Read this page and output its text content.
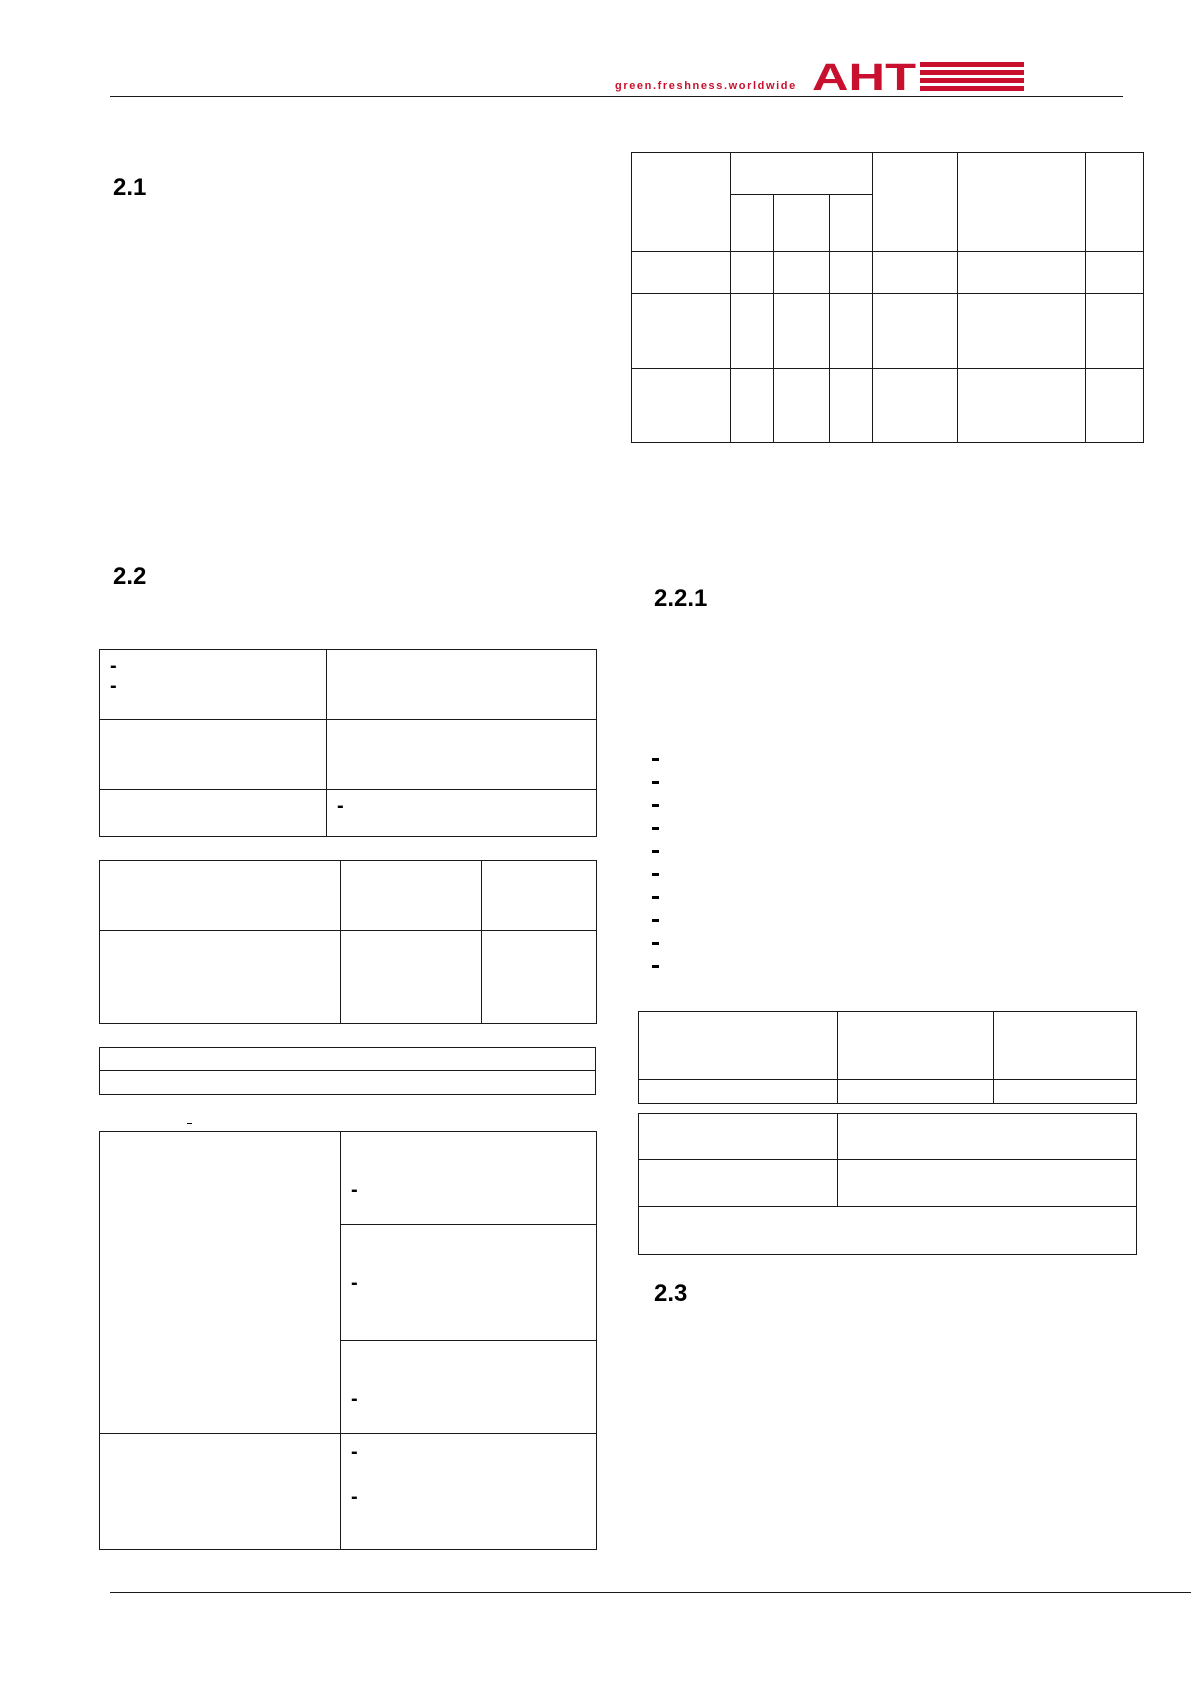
green.freshness.worldwide AHT
2.1
2.2
2.2.1
2.3

-
-	

	-

	-

	-

	-

	-
-
